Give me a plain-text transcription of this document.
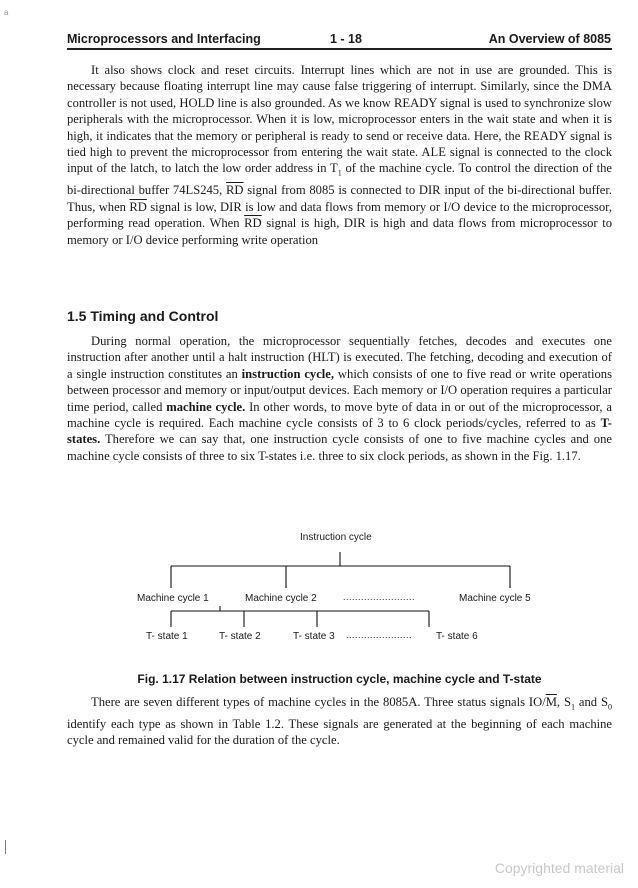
a
Microprocessors and Interfacing	1 - 18	An Overview of 8085
It also shows clock and reset circuits. Interrupt lines which are not in use are grounded. This is necessary because floating interrupt line may cause false triggering of interrupt. Similarly, since the DMA controller is not used, HOLD line is also grounded. As we know READY signal is used to synchronize slow peripherals with the microprocessor. When it is low, microprocessor enters in the wait state and when it is high, it indicates that the memory or peripheral is ready to send or receive data. Here, the READY signal is tied high to prevent the microprocessor from entering the wait state. ALE signal is connected to the clock input of the latch, to latch the low order address in $T_1$ of the machine cycle. To control the direction of the bi-directional buffer 74LS245, $\overline{RD}$ signal from 8085 is connected to DIR input of the bi-directional buffer. Thus, when $\overline{RD}$ signal is low, DIR is low and data flows from memory or I/O device to the microprocessor, performing read operation. When $\overline{RD}$ signal is high, DIR is high and data flows from microprocessor to memory or I/O device performing write operation
1.5 Timing and Control
During normal operation, the microprocessor sequentially fetches, decodes and executes one instruction after another until a halt instruction (HLT) is executed. The fetching, decoding and execution of a single instruction constitutes an instruction cycle, which consists of one to five read or write operations between processor and memory or input/output devices. Each memory or I/O operation requires a particular time period, called machine cycle. In other words, to move byte of data in or out of the microprocessor, a machine cycle is required. Each machine cycle consists of 3 to 6 clock periods/cycles, referred to as T-states. Therefore we can say that, one instruction cycle consists of one to five machine cycles and one machine cycle consists of three to six T-states i.e. three to six clock periods, as shown in the Fig. 1.17.
Instruction cycle
Machine cycle 1	Machine cycle 2	........................	Machine cycle 5
T- state 1	T- state 2	T- state 3 ...................... T- state 6
Fig. 1.17 Relation between instruction cycle, machine cycle and T-state
There are seven different types of machine cycles in the 8085A. Three status signals $IO/\overline{M}$, $S_1$ and $S_0$ identify each type as shown in Table 1.2. These signals are generated at the beginning of each machine cycle and remained valid for the duration of the cycle.
Copyrighted material
